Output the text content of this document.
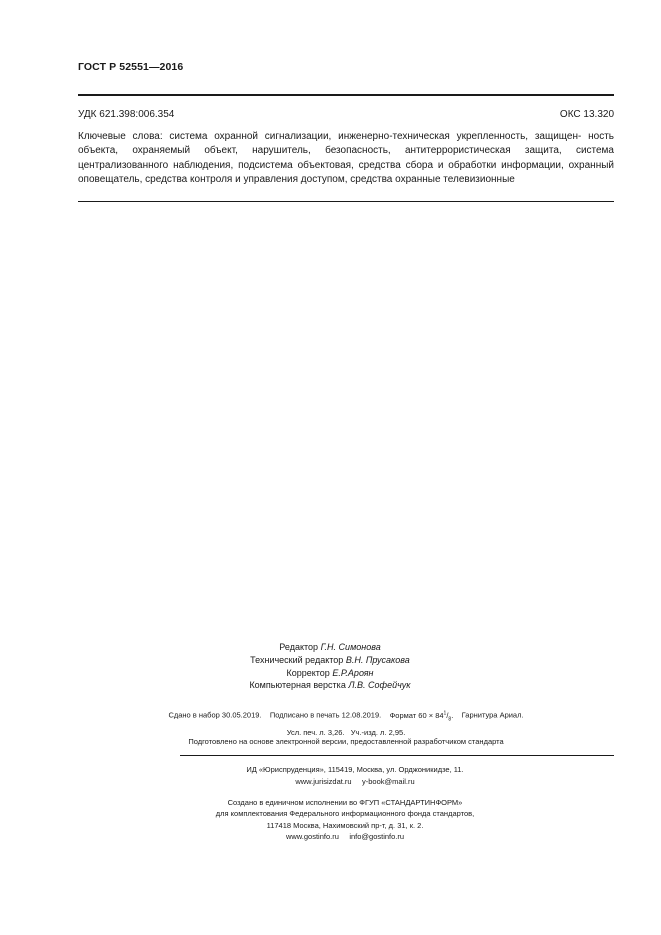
ГОСТ Р 52551—2016
УДК 621.398:006.354	ОКС 13.320
Ключевые слова: система охранной сигнализации, инженерно-техническая укрепленность, защищен- ность объекта, охраняемый объект, нарушитель, безопасность, антитеррористическая защита, система централизованного наблюдения, подсистема объектовая, средства сбора и обработки информации, охранный оповещатель, средства контроля и управления доступом, средства охранные телевизионные
Редактор Г.Н. Симонова
Технический редактор В.Н. Прусакова
Корректор Е.Р.Ароян
Компьютерная верстка Л.В. Софейчук
Сдано в набор 30.05.2019. Подписано в печать 12.08.2019. Формат $60 \times 84^1/_8$. Гарнитура Ариал.
Усл. печ. л. 3,26. Уч.-изд. л. 2,95.
Подготовлено на основе электронной версии, предоставленной разработчиком стандарта
ИД «Юриспруденция», 115419, Москва, ул. Орджоникидзе, 11.
www.jurisizdat.ru y-book@mail.ru
Создано в единичном исполнении во ФГУП «СТАНДАРТИНФОРМ»
для комплектования Федерального информационного фонда стандартов,
117418 Москва, Нахимовский пр-т, д. 31, к. 2.
www.gostinfo.ru info@gostinfo.ru
